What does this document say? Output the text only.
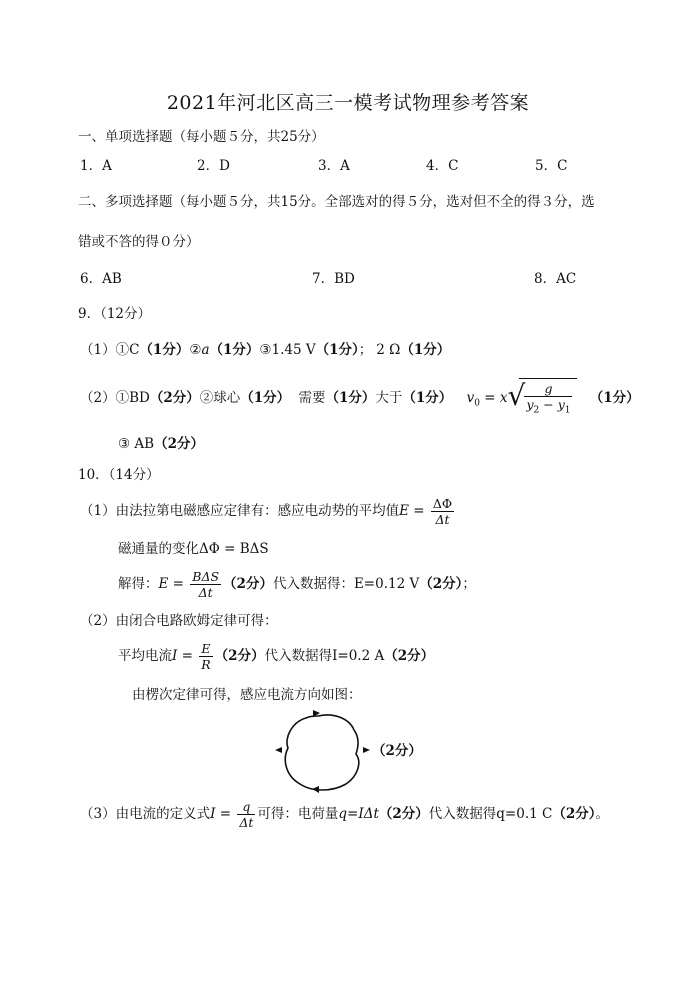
2021年河北区高三一模考试物理参考答案
一、单项选择题（每小题５分，共25分）
1．A	2．D	3．A	4．C	5．C
二、多项选择题（每小题５分，共15分。全部选对的得５分，选对但不全的得３分，选
错或不答的得０分）
6．AB	7．BD	8．AC
9．（12分）
（1）①C（1分）②a（1分）③1.45 V（1分）； 2 Ω（1分）
（2）①BD（2分）②球心（1分） 需要（1分）大于（1分） $v_0 = x$ √ $\frac{g}{y_2 - y_1} (1$分）
③ AB（2分）
10．（14分）
（1）由法拉第电磁感应定律有：感应电动势的平均值$E = \frac{\Delta\Phi}{\Delta t}$
磁通量的变化ΔΦ = BΔS
解得：$E = \frac{\text{BΔS}}{\Delta t} (2$分）代入数据得：E=0.12 V（2分）；
（2）由闭合电路欧姆定律可得：
平均电流$I = \frac{E}{R} (2$分）代入数据得I=0.2 A（2分）
由楞次定律可得，感应电流方向如图：
（2分）
（3）由电流的定义式$I = \frac{q}{\Delta t}$ 可得：电荷量q=IΔt（2分）代入数据得q=0.1 C（2分）。
